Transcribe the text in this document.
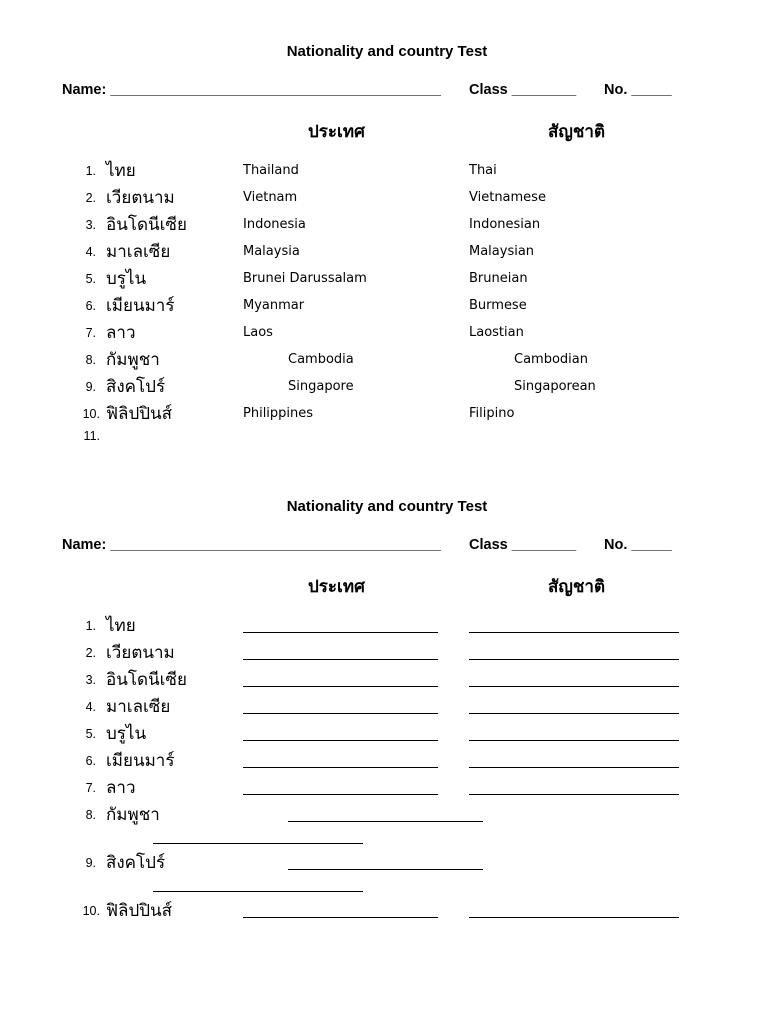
Nationality and country Test
Name: _________________________________________ Class ________ No. _____
ประเทศ	สัญชาติ
1. ไทย	Thailand	Thai
2. เวียตนาม	Vietnam	Vietnamese
3. อินโดนีเซีย	Indonesia	Indonesian
4. มาเลเซีย	Malaysia	Malaysian
5. บรูไน	Brunei Darussalam	Bruneian
6. เมียนมาร์	Myanmar	Burmese
7. ลาว	Laos	Laostian
8. กัมพูชา	Cambodia	Cambodian
9. สิงคโปร์	Singapore	Singaporean
10. ฟิลิปปินส์	Philippines	Filipino
11.
Nationality and country Test
Name: _________________________________________ Class ________ No. _____
ประเทศ	สัญชาติ
1. ไทย
2. เวียตนาม
3. อินโดนีเซีย
4. มาเลเซีย
5. บรูไน
6. เมียนมาร์
7. ลาว
8. กัมพูชา
9. สิงคโปร์
10. ฟิลิปปินส์
